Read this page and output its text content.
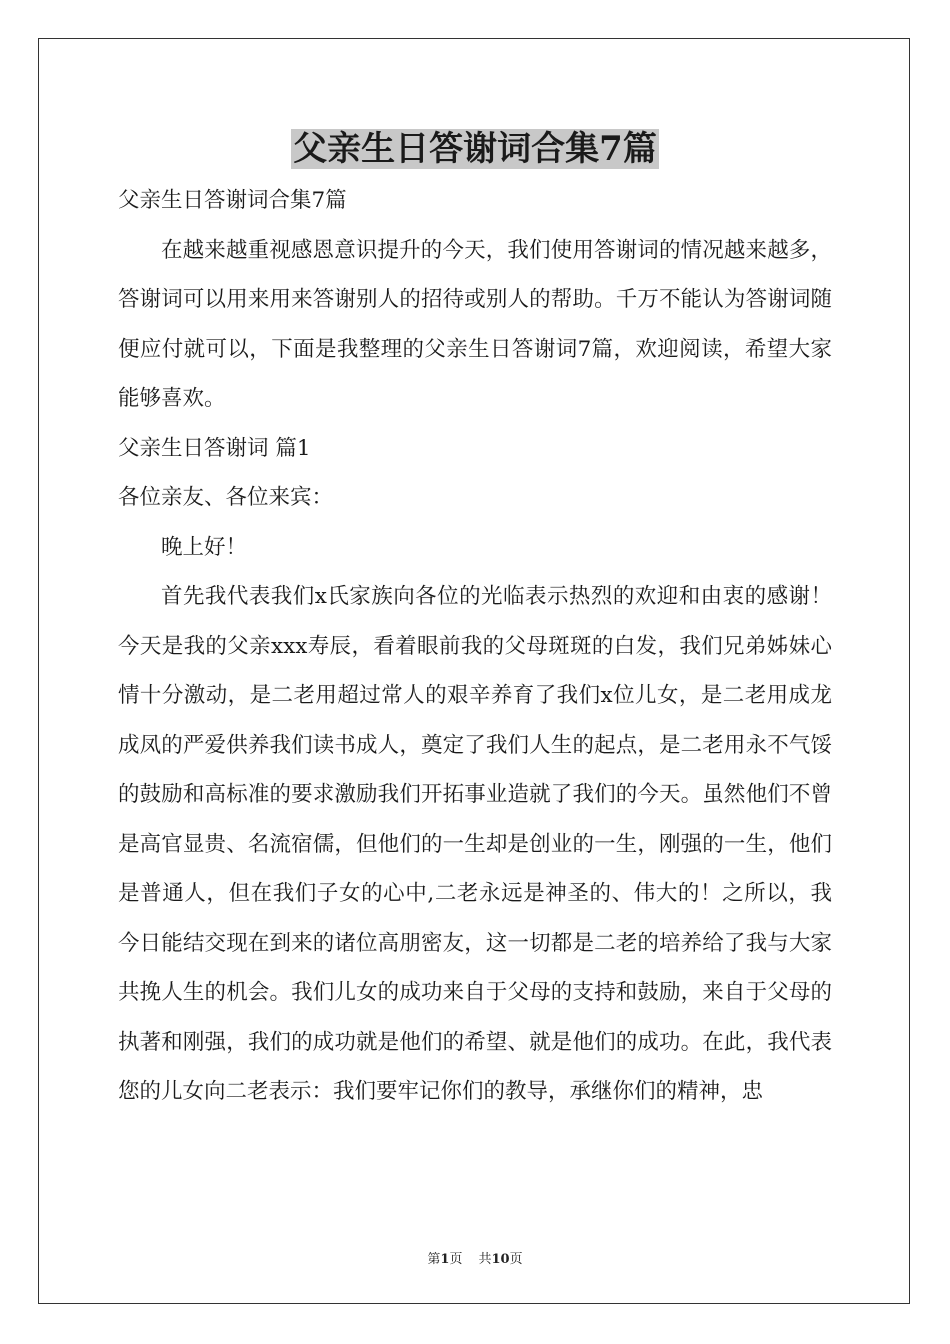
父亲生日答谢词合集7篇

父亲生日答谢词合集7篇

在越来越重视感恩意识提升的今天，我们使用答谢词的情况越来越多，答谢词可以用来用来答谢别人的招待或别人的帮助。千万不能认为答谢词随便应付就可以，下面是我整理的父亲生日答谢词7篇，欢迎阅读，希望大家能够喜欢。

父亲生日答谢词 篇1

各位亲友、各位来宾：

晚上好！

首先我代表我们x氏家族向各位的光临表示热烈的欢迎和由衷的感谢！今天是我的父亲xxx寿辰，看着眼前我的父母斑斑的白发，我们兄弟姊妹心情十分激动，是二老用超过常人的艰辛养育了我们x位儿女，是二老用成龙成凤的严爱供养我们读书成人，奠定了我们人生的起点，是二老用永不气馁的鼓励和高标准的要求激励我们开拓事业造就了我们的今天。虽然他们不曾是高官显贵、名流宿儒，但他们的一生却是创业的一生，刚强的一生，他们是普通人，但在我们子女的心中,二老永远是神圣的、伟大的！之所以，我今日能结交现在到来的诸位高朋密友，这一切都是二老的培养给了我与大家共挽人生的机会。我们儿女的成功来自于父母的支持和鼓励，来自于父母的执著和刚强，我们的成功就是他们的希望、就是他们的成功。在此，我代表您的儿女向二老表示：我们要牢记你们的教导，承继你们的精神，忠

第1页 共10页
